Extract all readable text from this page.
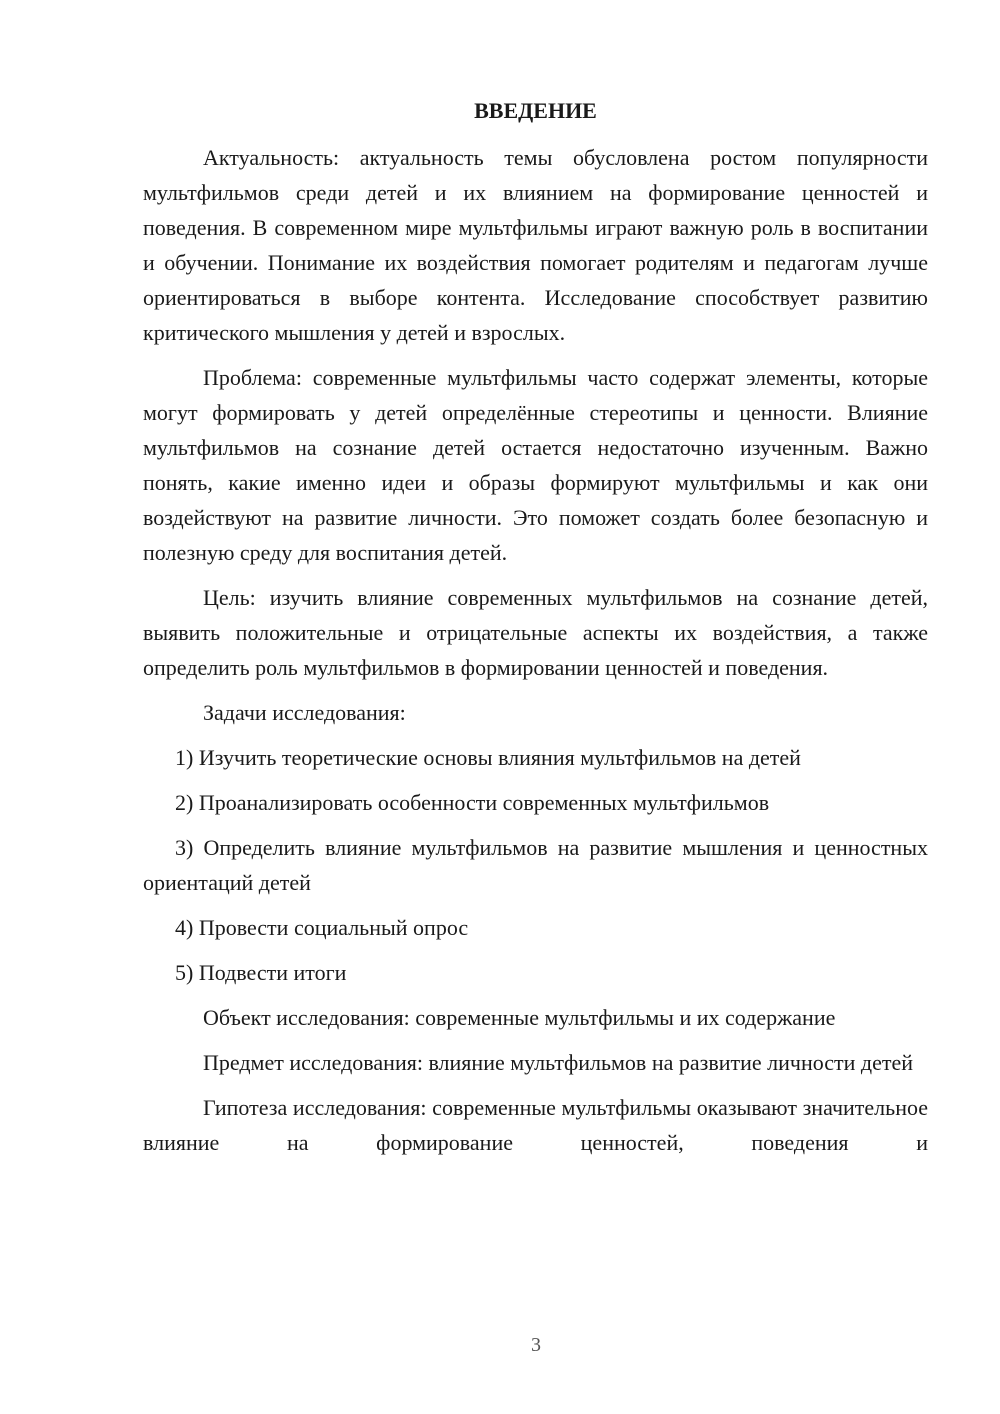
ВВЕДЕНИЕ

Актуальность: актуальность темы обусловлена ростом популярности мультфильмов среди детей и их влиянием на формирование ценностей и поведения. В современном мире мультфильмы играют важную роль в воспитании и обучении. Понимание их воздействия помогает родителям и педагогам лучше ориентироваться в выборе контента. Исследование способствует развитию критического мышления у детей и взрослых.

Проблема: современные мультфильмы часто содержат элементы, которые могут формировать у детей определённые стереотипы и ценности. Влияние мультфильмов на сознание детей остается недостаточно изученным. Важно понять, какие именно идеи и образы формируют мультфильмы и как они воздействуют на развитие личности. Это поможет создать более безопасную и полезную среду для воспитания детей.

Цель: изучить влияние современных мультфильмов на сознание детей, выявить положительные и отрицательные аспекты их воздействия, а также определить роль мультфильмов в формировании ценностей и поведения.

Задачи исследования:

1) Изучить теоретические основы влияния мультфильмов на детей

2) Проанализировать особенности современных мультфильмов

3) Определить влияние мультфильмов на развитие мышления и ценностных ориентаций детей

4) Провести социальный опрос

5) Подвести итоги

Объект исследования: современные мультфильмы и их содержание

Предмет исследования: влияние мультфильмов на развитие личности детей

Гипотеза исследования: современные мультфильмы оказывают значительное влияние на формирование ценностей, поведения и

3
